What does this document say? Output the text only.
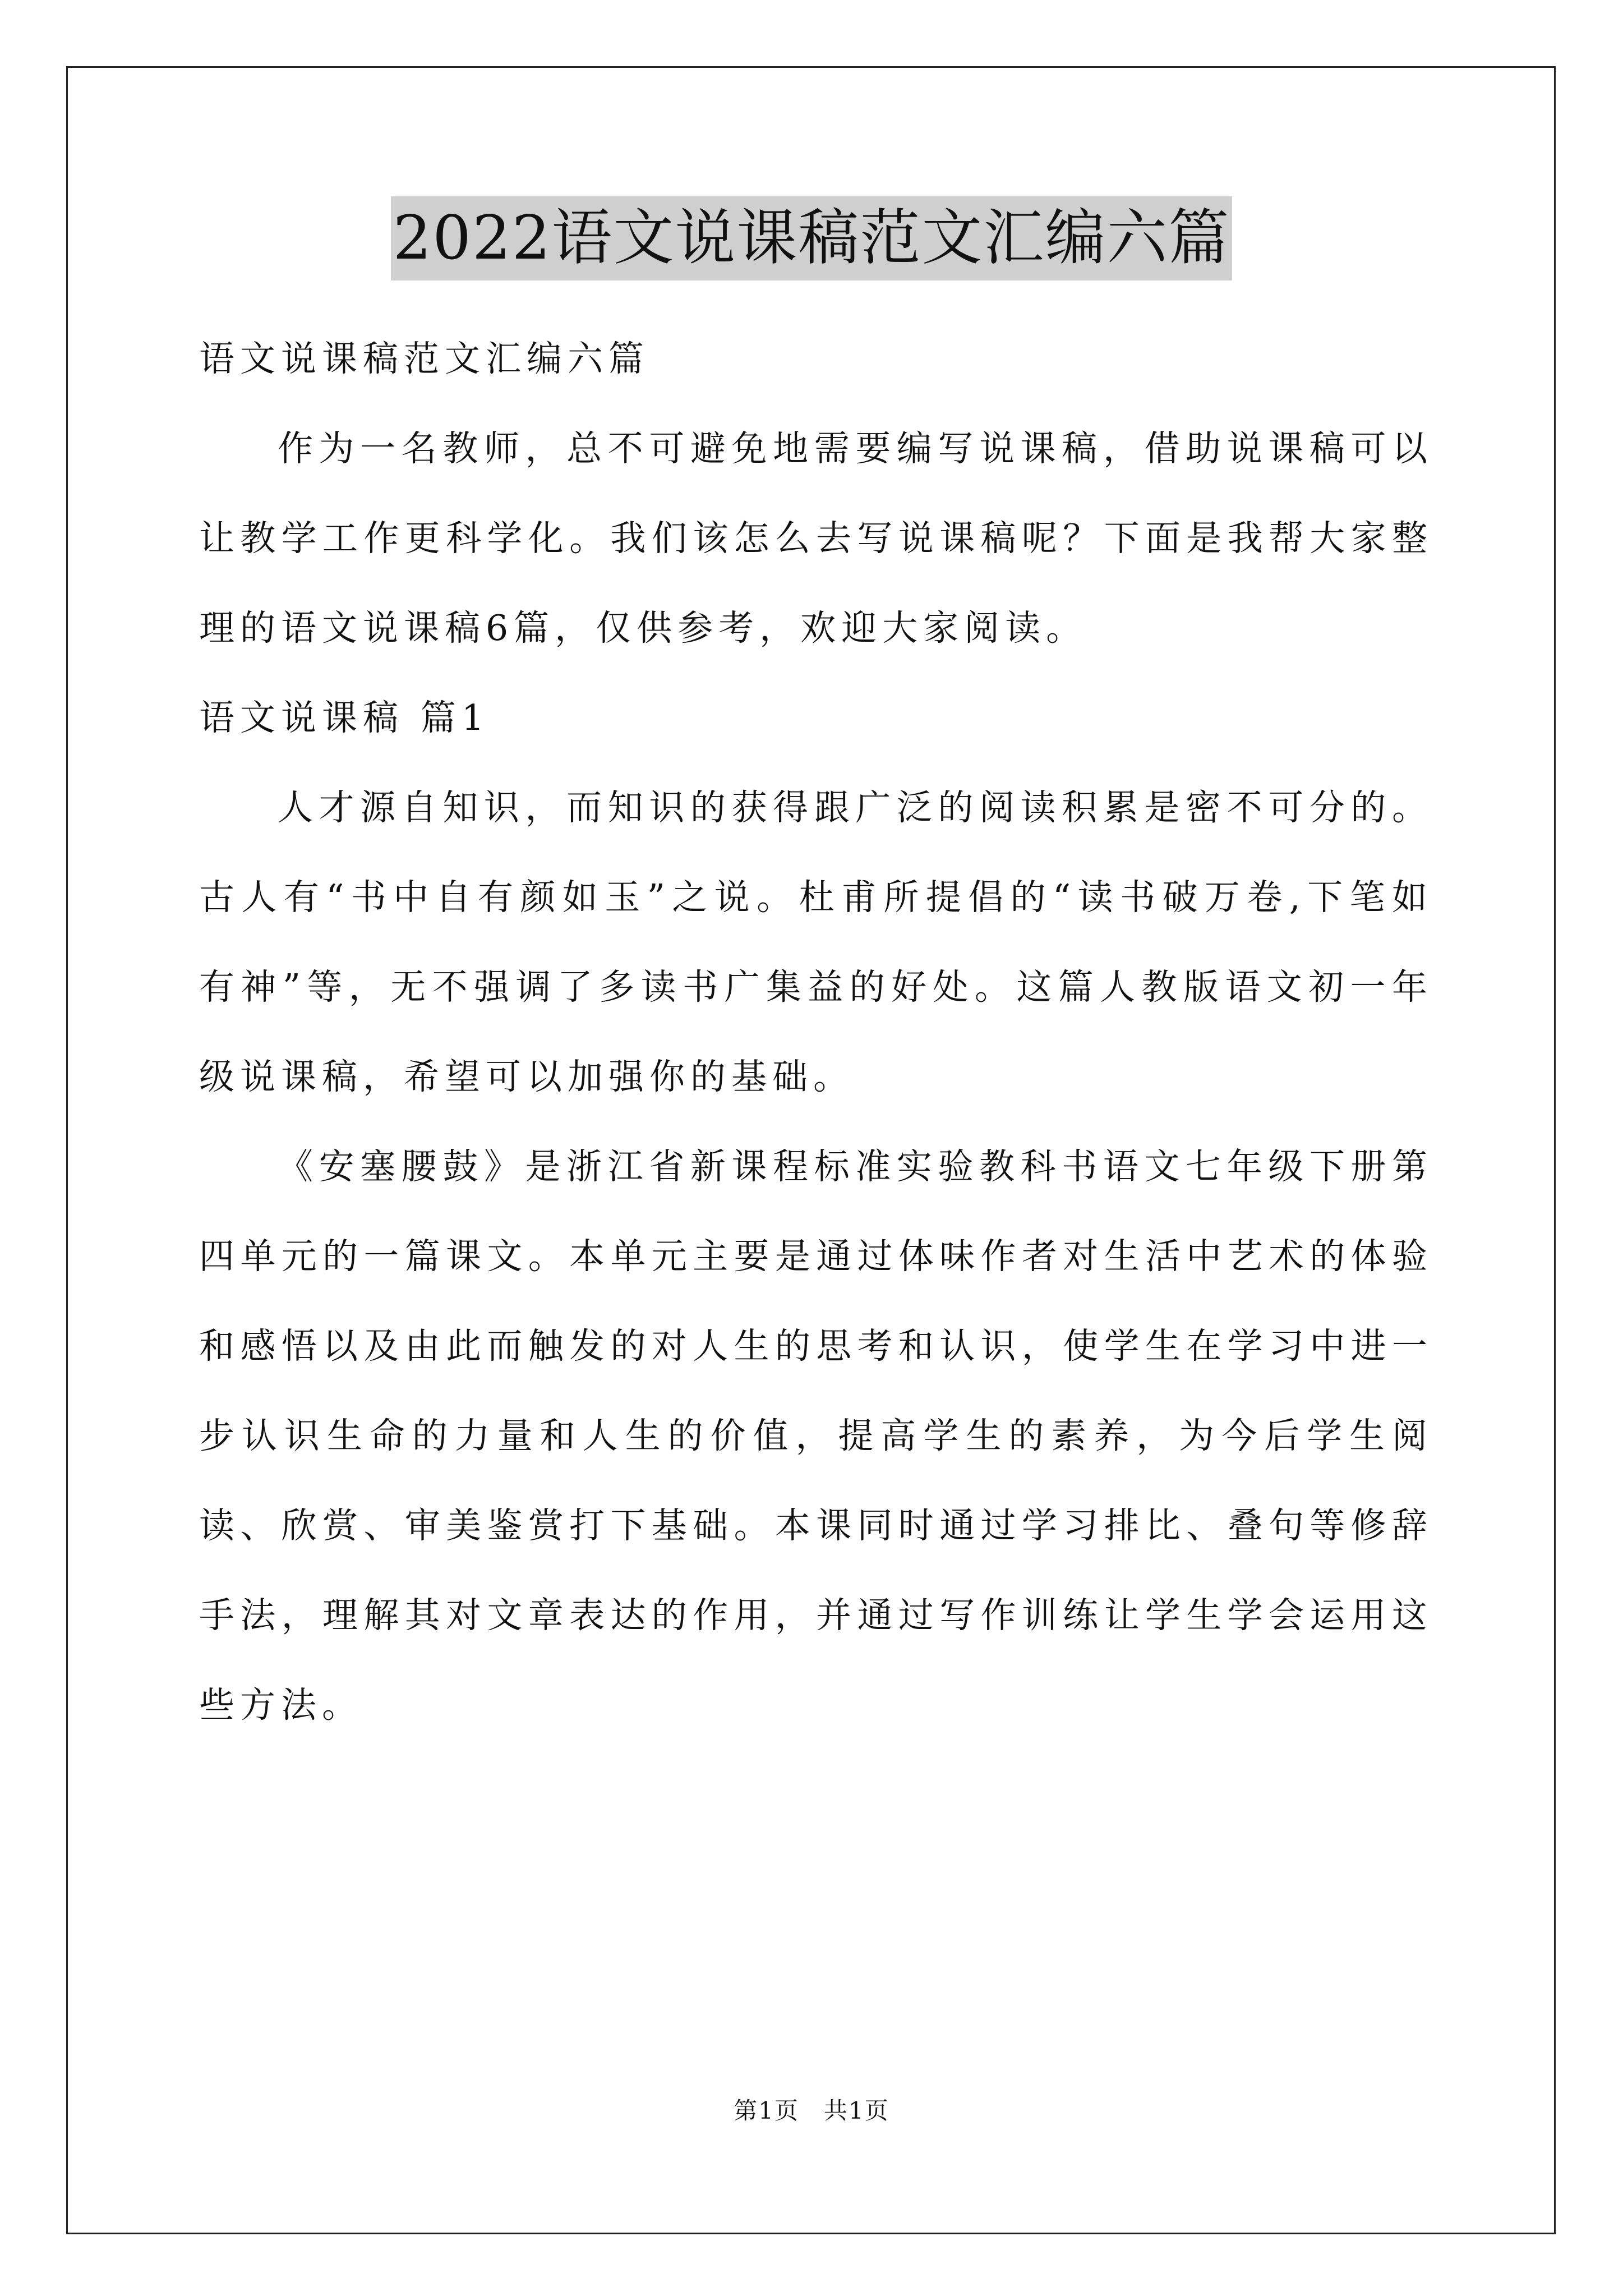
2022语文说课稿范文汇编六篇

语文说课稿范文汇编六篇

作为一名教师，总不可避免地需要编写说课稿，借助说课稿可以让教学工作更科学化。我们该怎么去写说课稿呢？下面是我帮大家整理的语文说课稿6篇，仅供参考，欢迎大家阅读。

语文说课稿 篇1

人才源自知识，而知识的获得跟广泛的阅读积累是密不可分的。古人有“书中自有颜如玉”之说。杜甫所提倡的“读书破万卷,下笔如有神”等，无不强调了多读书广集益的好处。这篇人教版语文初一年级说课稿，希望可以加强你的基础。

《安塞腰鼓》是浙江省新课程标准实验教科书语文七年级下册第四单元的一篇课文。本单元主要是通过体味作者对生活中艺术的体验和感悟以及由此而触发的对人生的思考和认识，使学生在学习中进一步认识生命的力量和人生的价值，提高学生的素养，为今后学生阅读、欣赏、审美鉴赏打下基础。本课同时通过学习排比、叠句等修辞手法，理解其对文章表达的作用，并通过写作训练让学生学会运用这些方法。

第1页 共1页
